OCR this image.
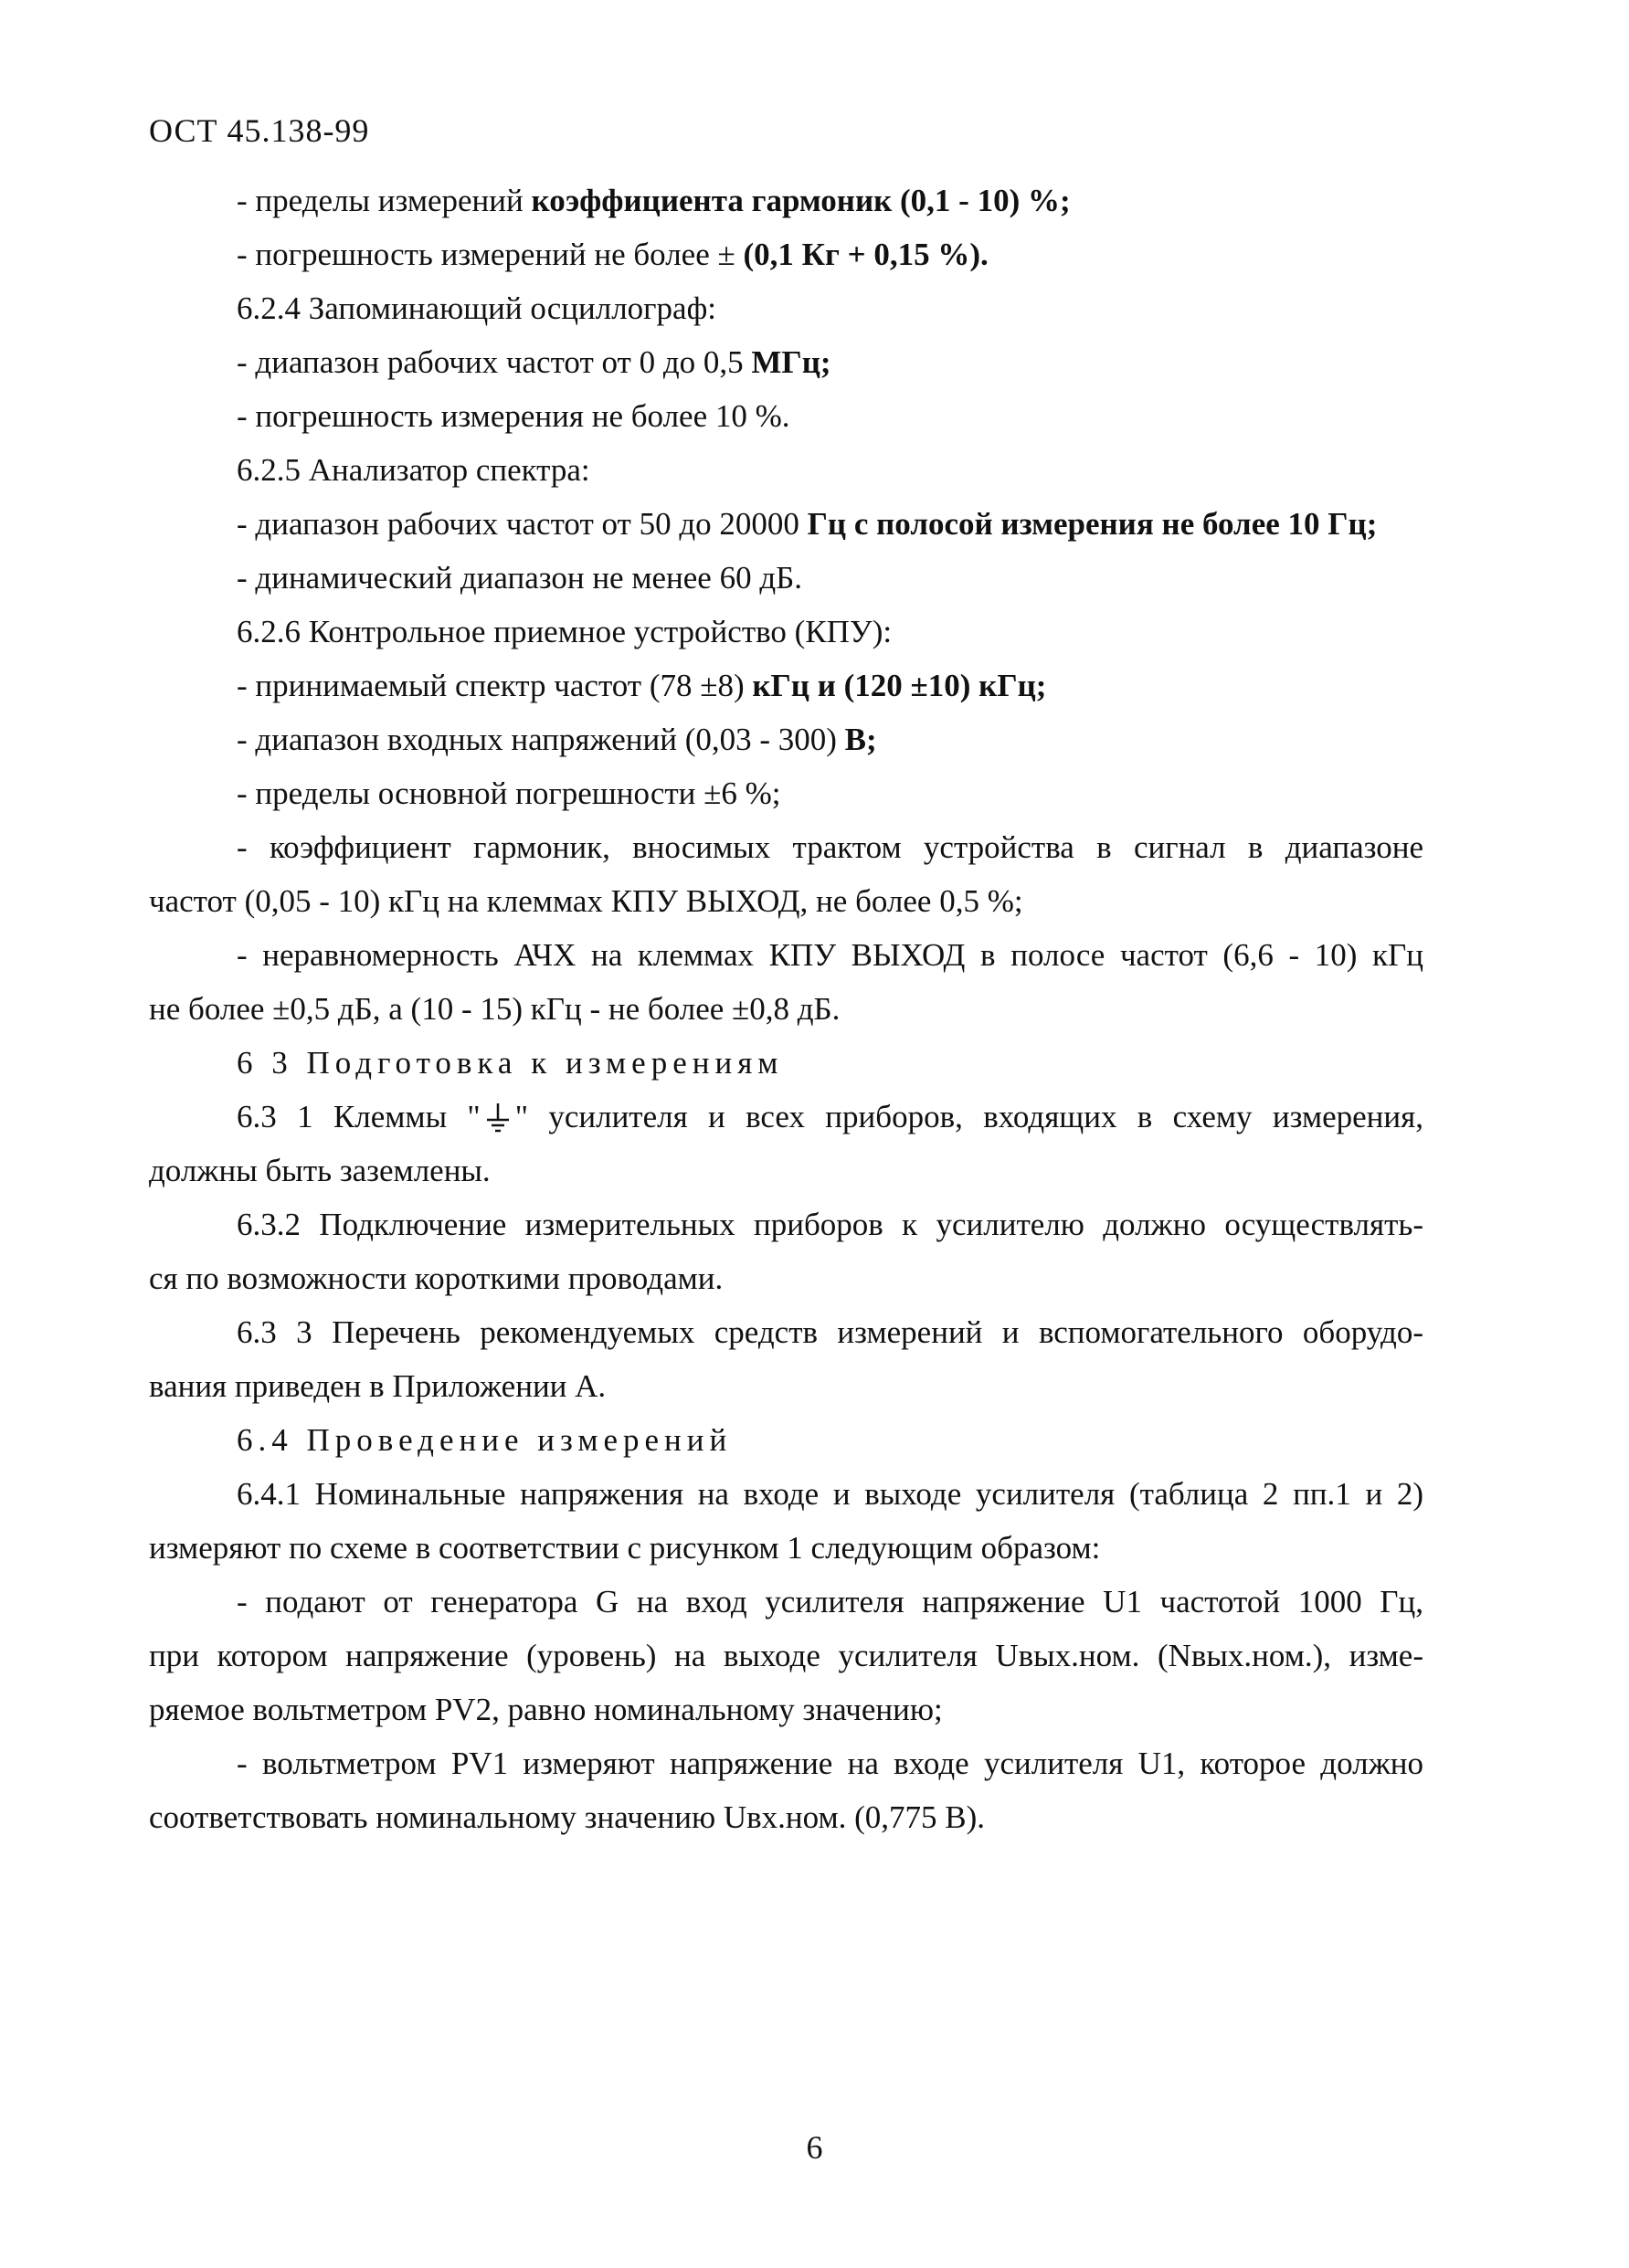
ОСТ 45.138-99
- пределы измерений коэффициента гармоник (0,1 - 10) %;
- погрешность измерений не более ± (0,1 Кг + 0,15 %).
6.2.4 Запоминающий осциллограф:
- диапазон рабочих частот от 0 до 0,5 МГц;
- погрешность измерения не более 10 %.
6.2.5 Анализатор спектра:
- диапазон рабочих частот от 50 до 20000 Гц с полосой измерения не более 10 Гц;
- динамический диапазон не менее 60 дБ.
6.2.6 Контрольное приемное устройство (КПУ):
- принимаемый спектр частот (78 ±8) кГц и (120 ±10) кГц;
- диапазон входных напряжений (0,03 - 300) В;
- пределы основной погрешности ±6 %;
- коэффициент гармоник, вносимых трактом устройства в сигнал в диапазоне
частот (0,05 - 10) кГц на клеммах КПУ ВЫХОД, не более 0,5 %;
- неравномерность АЧХ на клеммах КПУ ВЫХОД в полосе частот (6,6 - 10) кГц
не более ±0,5 дБ, а (10 - 15) кГц - не более ±0,8 дБ.
6 3 Подготовка к измерениям
6.3 1 Клеммы " " усилителя и всех приборов, входящих в схему измерения,
должны быть заземлены.
6.3.2 Подключение измерительных приборов к усилителю должно осуществлять-
ся по возможности короткими проводами.
6.3 3 Перечень рекомендуемых средств измерений и вспомогательного оборудо-
вания приведен в Приложении А.
6.4 Проведение измерений
6.4.1 Номинальные напряжения на входе и выходе усилителя (таблица 2 пп.1 и 2)
измеряют по схеме в соответствии с рисунком 1 следующим образом:
- подают от генератора G на вход усилителя напряжение U1 частотой 1000 Гц,
при котором напряжение (уровень) на выходе усилителя Uвых.ном. (Nвых.ном.), изме-
ряемое вольтметром PV2, равно номинальному значению;
- вольтметром PV1 измеряют напряжение на входе усилителя U1, которое должно
соответствовать номинальному значению Uвх.ном. (0,775 В).
6
